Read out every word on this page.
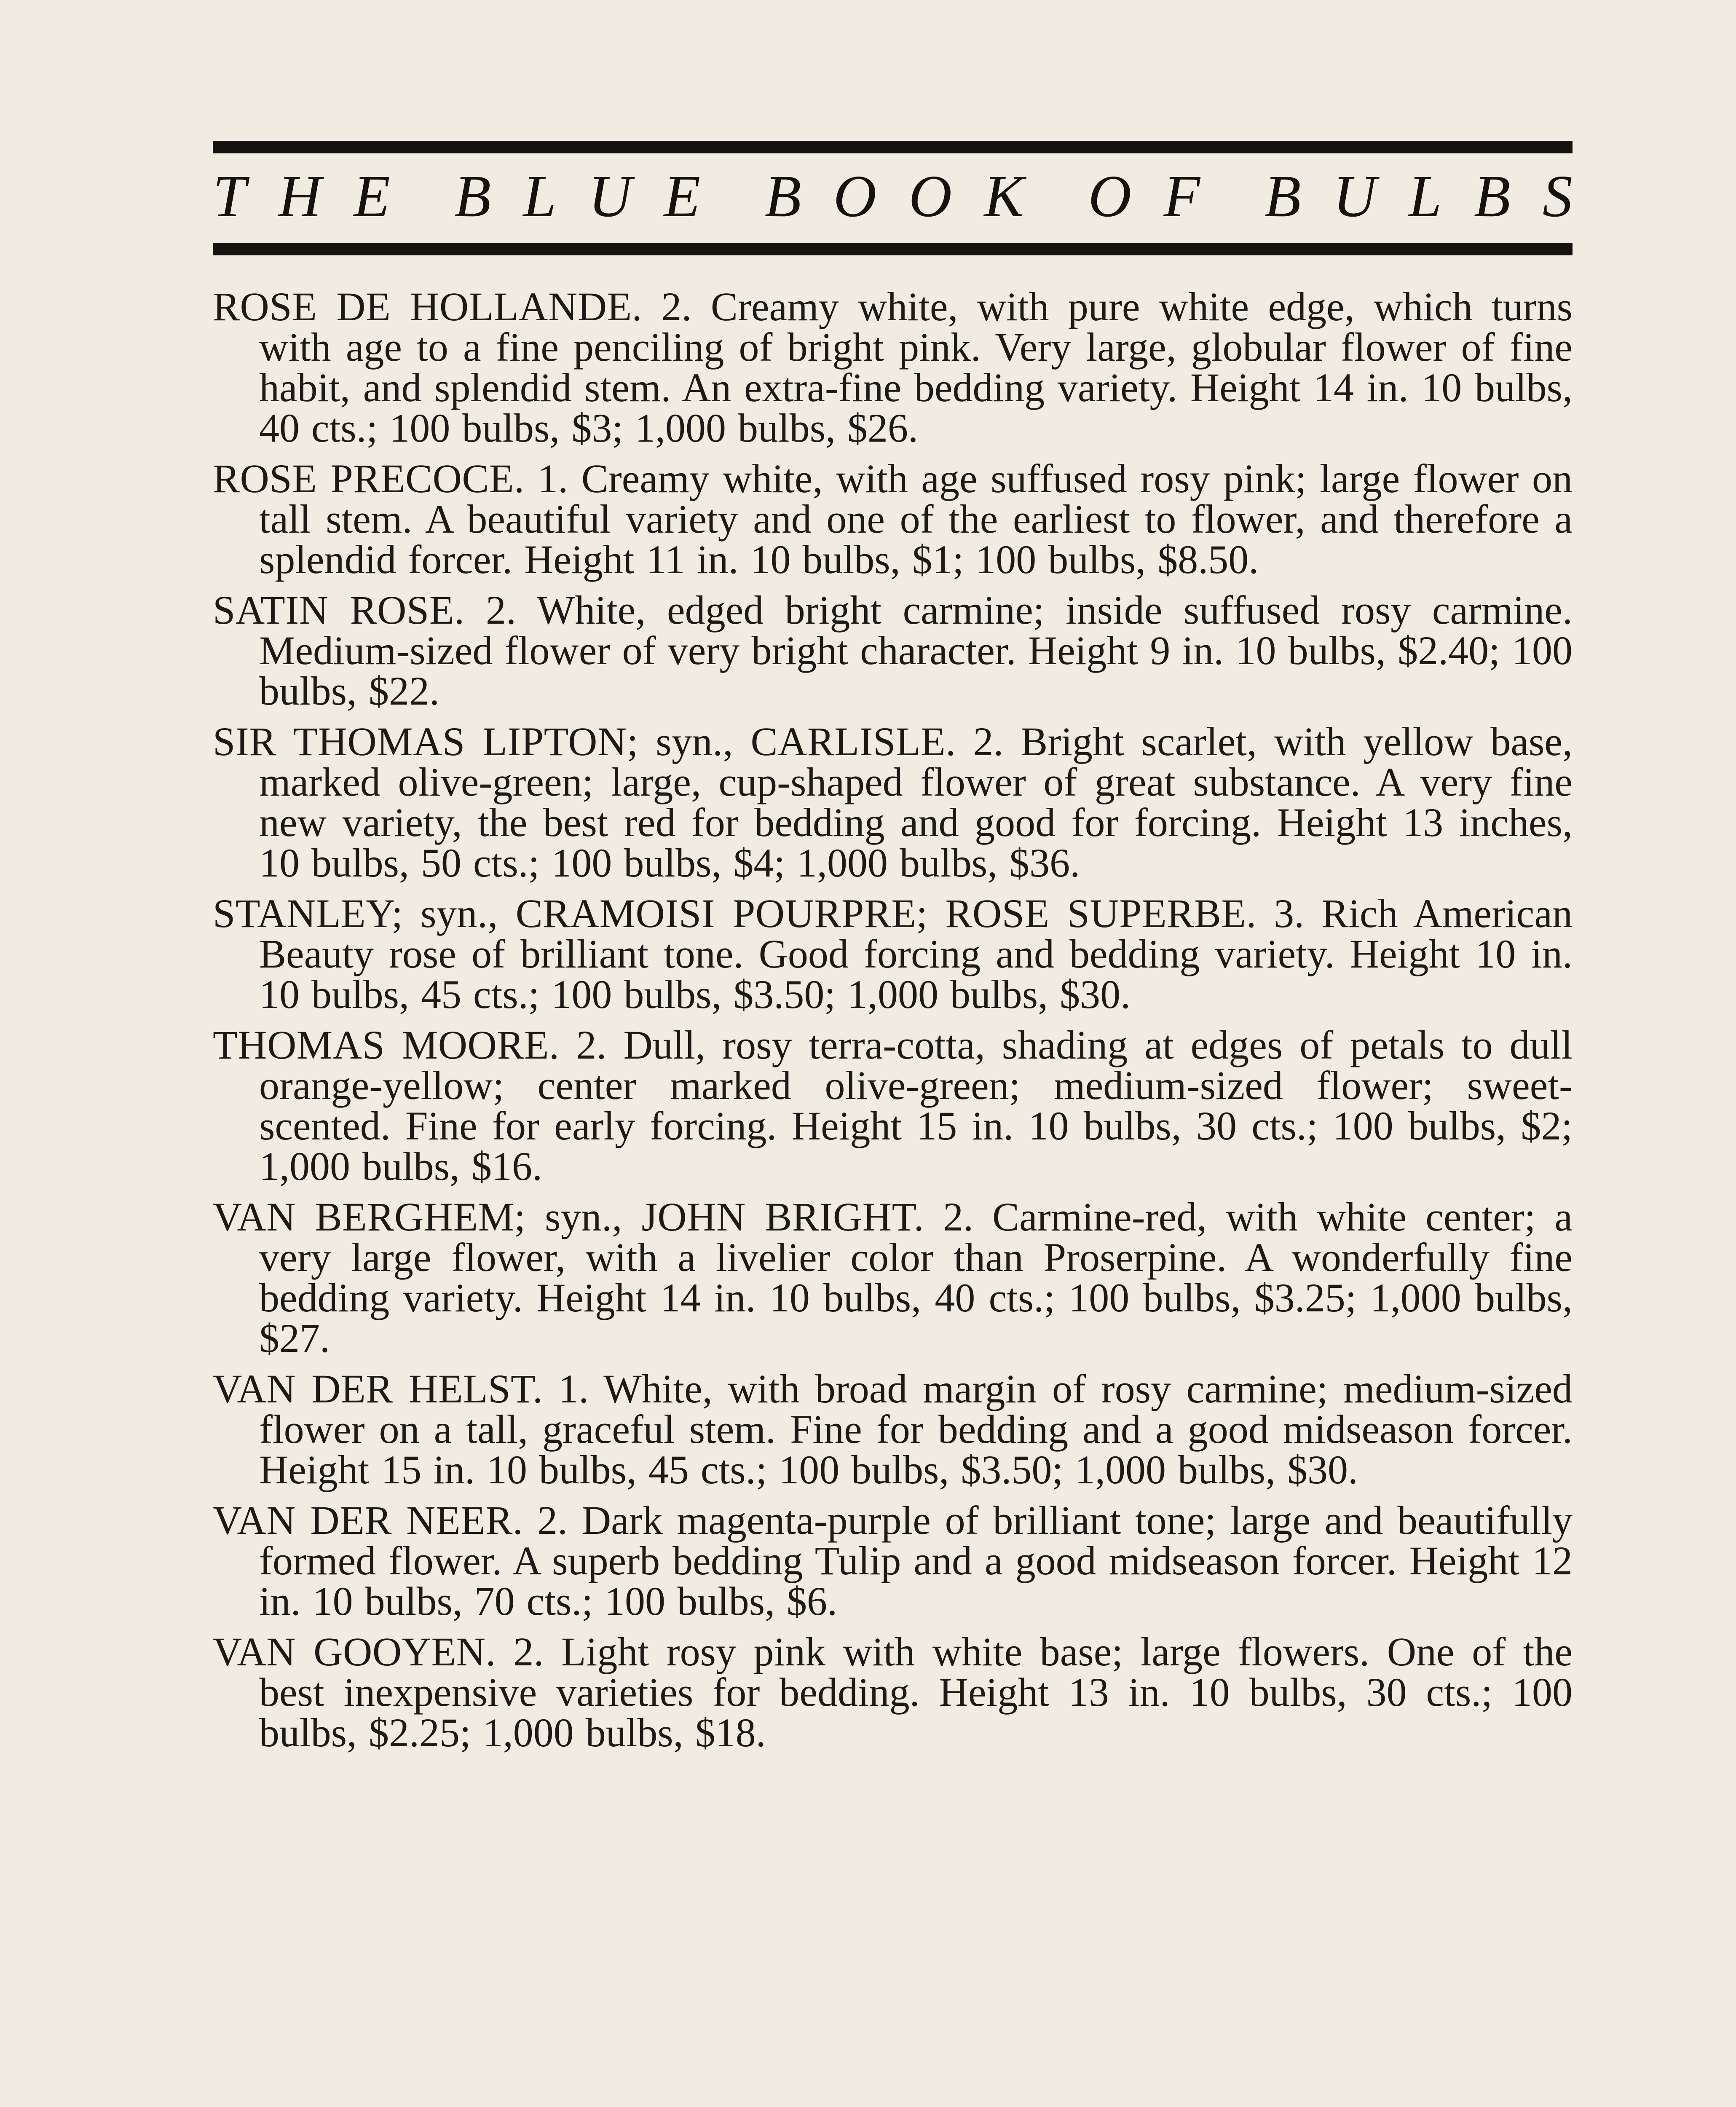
T H E B L U E B O O K O F B U L B S

ROSE DE HOLLANDE. 2. Creamy white, with pure white edge, which turns with age to a fine penciling of bright pink. Very large, globular flower of fine habit, and splendid stem. An extra-fine bedding variety. Height 14 in. 10 bulbs, 40 cts.; 100 bulbs, $3; 1,000 bulbs, $26.

ROSE PRECOCE. 1. Creamy white, with age suffused rosy pink; large flower on tall stem. A beautiful variety and one of the earliest to flower, and therefore a splendid forcer. Height 11 in. 10 bulbs, $1; 100 bulbs, $8.50.

SATIN ROSE. 2. White, edged bright carmine; inside suffused rosy carmine. Medium-sized flower of very bright character. Height 9 in. 10 bulbs, $2.40; 100 bulbs, $22.

SIR THOMAS LIPTON; syn., CARLISLE. 2. Bright scarlet, with yellow base, marked olive-green; large, cup-shaped flower of great substance. A very fine new variety, the best red for bedding and good for forcing. Height 13 inches, 10 bulbs, 50 cts.; 100 bulbs, $4; 1,000 bulbs, $36.

STANLEY; syn., CRAMOISI POURPRE; ROSE SUPERBE. 3. Rich American Beauty rose of brilliant tone. Good forcing and bedding variety. Height 10 in. 10 bulbs, 45 cts.; 100 bulbs, $3.50; 1,000 bulbs, $30.

THOMAS MOORE. 2. Dull, rosy terra-cotta, shading at edges of petals to dull orange-yellow; center marked olive-green; medium-sized flower; sweet-scented. Fine for early forcing. Height 15 in. 10 bulbs, 30 cts.; 100 bulbs, $2; 1,000 bulbs, $16.

VAN BERGHEM; syn., JOHN BRIGHT. 2. Carmine-red, with white center; a very large flower, with a livelier color than Proserpine. A wonderfully fine bedding variety. Height 14 in. 10 bulbs, 40 cts.; 100 bulbs, $3.25; 1,000 bulbs, $27.

VAN DER HELST. 1. White, with broad margin of rosy carmine; medium-sized flower on a tall, graceful stem. Fine for bedding and a good midseason forcer. Height 15 in. 10 bulbs, 45 cts.; 100 bulbs, $3.50; 1,000 bulbs, $30.

VAN DER NEER. 2. Dark magenta-purple of brilliant tone; large and beautifully formed flower. A superb bedding Tulip and a good midseason forcer. Height 12 in. 10 bulbs, 70 cts.; 100 bulbs, $6.

VAN GOOYEN. 2. Light rosy pink with white base; large flowers. One of the best inexpensive varieties for bedding. Height 13 in. 10 bulbs, 30 cts.; 100 bulbs, $2.25; 1,000 bulbs, $18.
